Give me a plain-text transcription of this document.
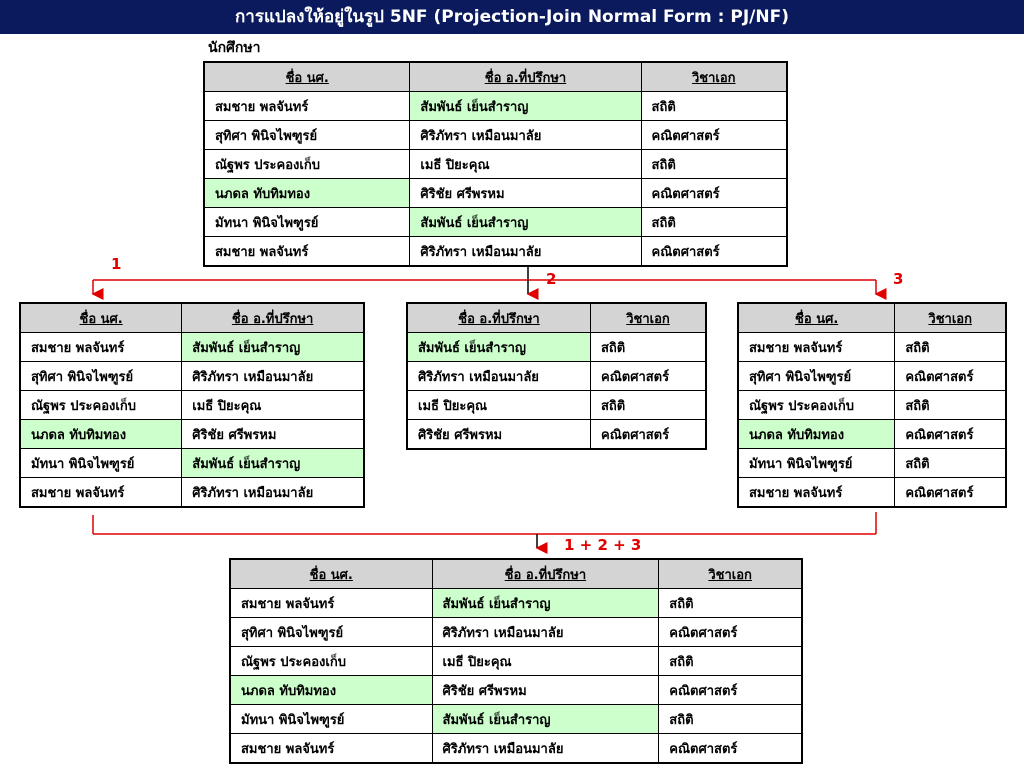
การแปลงให้อยู่ในรูป 5NF (Projection-Join Normal Form : PJ/NF)
นักศึกษา
1
2	3
1 + 2 + 3
ชื่อ นศ.	ชื่อ อ.ที่ปรึกษา	วิชาเอก
สมชาย พลจันทร์	สัมพันธ์ เย็นสำราญ	สถิติ
สุทิศา พินิจไพฑูรย์	ศิริภัทรา เหมือนมาลัย	คณิตศาสตร์
ณัฐพร ประคองเก็บ	เมธี ปิยะคุณ	สถิติ
นภดล ทับทิมทอง	ศิริชัย ศรีพรหม	คณิตศาสตร์
มัทนา พินิจไพฑูรย์	สัมพันธ์ เย็นสำราญ	สถิติ
สมชาย พลจันทร์	ศิริภัทรา เหมือนมาลัย	คณิตศาสตร์
ชื่อ นศ.	ชื่อ อ.ที่ปรึกษา
สมชาย พลจันทร์	สัมพันธ์ เย็นสำราญ
สุทิศา พินิจไพฑูรย์	ศิริภัทรา เหมือนมาลัย
ณัฐพร ประคองเก็บ	เมธี ปิยะคุณ
นภดล ทับทิมทอง	ศิริชัย ศรีพรหม
มัทนา พินิจไพฑูรย์	สัมพันธ์ เย็นสำราญ
สมชาย พลจันทร์	ศิริภัทรา เหมือนมาลัย
ชื่อ อ.ที่ปรึกษา	วิชาเอก
สัมพันธ์ เย็นสำราญ	สถิติ
ศิริภัทรา เหมือนมาลัย	คณิตศาสตร์
เมธี ปิยะคุณ	สถิติ
ศิริชัย ศรีพรหม	คณิตศาสตร์
ชื่อ นศ.	วิชาเอก
สมชาย พลจันทร์	สถิติ
สุทิศา พินิจไพฑูรย์	คณิตศาสตร์
ณัฐพร ประคองเก็บ	สถิติ
นภดล ทับทิมทอง	คณิตศาสตร์
มัทนา พินิจไพฑูรย์	สถิติ
สมชาย พลจันทร์	คณิตศาสตร์
ชื่อ นศ.	ชื่อ อ.ที่ปรึกษา	วิชาเอก
สมชาย พลจันทร์	สัมพันธ์ เย็นสำราญ	สถิติ
สุทิศา พินิจไพฑูรย์	ศิริภัทรา เหมือนมาลัย	คณิตศาสตร์
ณัฐพร ประคองเก็บ	เมธี ปิยะคุณ	สถิติ
นภดล ทับทิมทอง	ศิริชัย ศรีพรหม	คณิตศาสตร์
มัทนา พินิจไพฑูรย์	สัมพันธ์ เย็นสำราญ	สถิติ
สมชาย พลจันทร์	ศิริภัทรา เหมือนมาลัย	คณิตศาสตร์
